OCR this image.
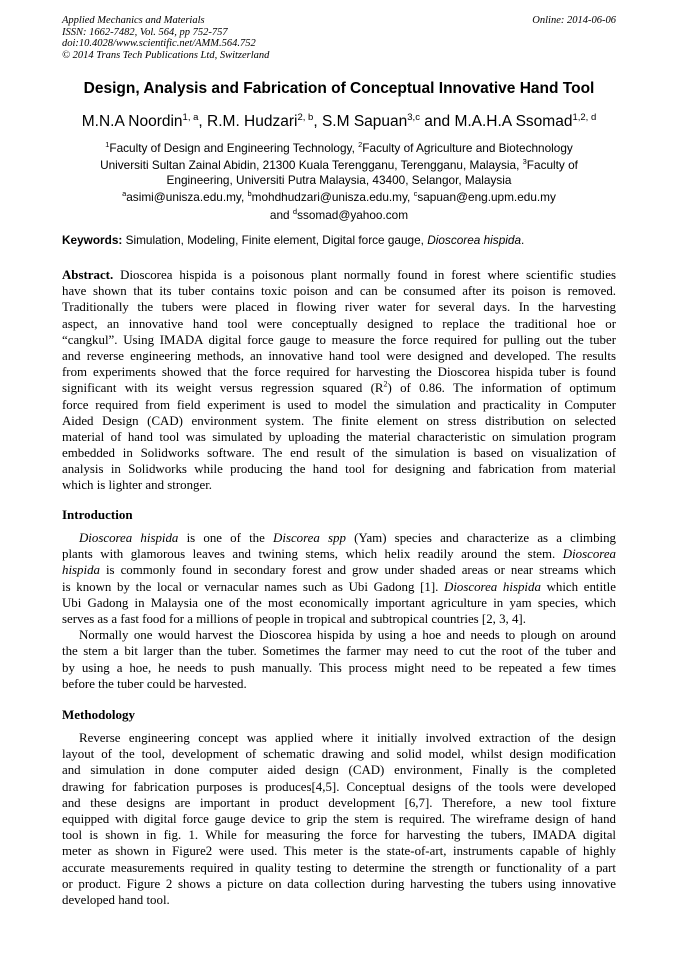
Applied Mechanics and Materials
ISSN: 1662-7482, Vol. 564, pp 752-757
doi:10.4028/www.scientific.net/AMM.564.752
© 2014 Trans Tech Publications Ltd, Switzerland
Online: 2014-06-06
Design, Analysis and Fabrication of Conceptual Innovative Hand Tool
M.N.A Noordin$^{1, a}$, R.M. Hudzari$^{2, b}$, S.M Sapuan$^{3,c}$ and M.A.H.A Ssomad$^{1,2, d}$
$^1$Faculty of Design and Engineering Technology, $^2$Faculty of Agriculture and Biotechnology
Universiti Sultan Zainal Abidin, 21300 Kuala Terengganu, Terengganu, Malaysia, $^3$Faculty of
Engineering, Universiti Putra Malaysia, 43400, Selangor, Malaysia
$^a$asimi@unisza.edu.my, $^b$mohdhudzari@unisza.edu.my, $^c$sapuan@eng.upm.edu.my
and $^d$ssomad@yahoo.com
Keywords: Simulation, Modeling, Finite element, Digital force gauge, Dioscorea hispida.
Abstract. Dioscorea hispida is a poisonous plant normally found in forest where scientific studies
have shown that its tuber contains toxic poison and can be consumed after its poison is removed.
Traditionally the tubers were placed in flowing river water for several days. In the harvesting
aspect, an innovative hand tool were conceptually designed to replace the traditional hoe or
“cangkul”. Using IMADA digital force gauge to measure the force required for pulling out the tuber
and reverse engineering methods, an innovative hand tool were designed and developed. The results
from experiments showed that the force required for harvesting the Dioscorea hispida tuber is found
significant with its weight versus regression squared $(R^2)$ of 0.86. The information of optimum
force required from field experiment is used to model the simulation and practicality in Computer
Aided Design (CAD) environment system. The finite element on stress distribution on selected
material of hand tool was simulated by uploading the material characteristic on simulation program
embedded in Solidworks software. The end result of the simulation is based on visualization of
analysis in Solidworks while producing the hand tool for designing and fabrication from material
which is lighter and stronger.
Introduction
Dioscorea hispida is one of the Discorea spp (Yam) species and characterize as a climbing
plants with glamorous leaves and twining stems, which helix readily around the stem. Dioscorea
hispida is commonly found in secondary forest and grow under shaded areas or near streams which
is known by the local or vernacular names such as Ubi Gadong [1]. Dioscorea hispida which entitle
Ubi Gadong in Malaysia one of the most economically important agriculture in yam species, which
serves as a fast food for a millions of people in tropical and subtropical countries [2, 3, 4].
Normally one would harvest the Dioscorea hispida by using a hoe and needs to plough on around
the stem a bit larger than the tuber. Sometimes the farmer may need to cut the root of the tuber and
by using a hoe, he needs to push manually. This process might need to be repeated a few times
before the tuber could be harvested.
Methodology
Reverse engineering concept was applied where it initially involved extraction of the design
layout of the tool, development of schematic drawing and solid model, whilst design modification
and simulation in done computer aided design (CAD) environment, Finally is the completed
drawing for fabrication purposes is produces[4,5]. Conceptual designs of the tools were developed
and these designs are important in product development [6,7]. Therefore, a new tool fixture
equipped with digital force gauge device to grip the stem is required. The wireframe design of hand
tool is shown in fig. 1. While for measuring the force for harvesting the tubers, IMADA digital
meter as shown in Figure2 were used. This meter is the state-of-art, instruments capable of highly
accurate measurements required in quality testing to determine the strength or functionality of a part
or product. Figure 2 shows a picture on data collection during harvesting the tubers using innovative
developed hand tool.
